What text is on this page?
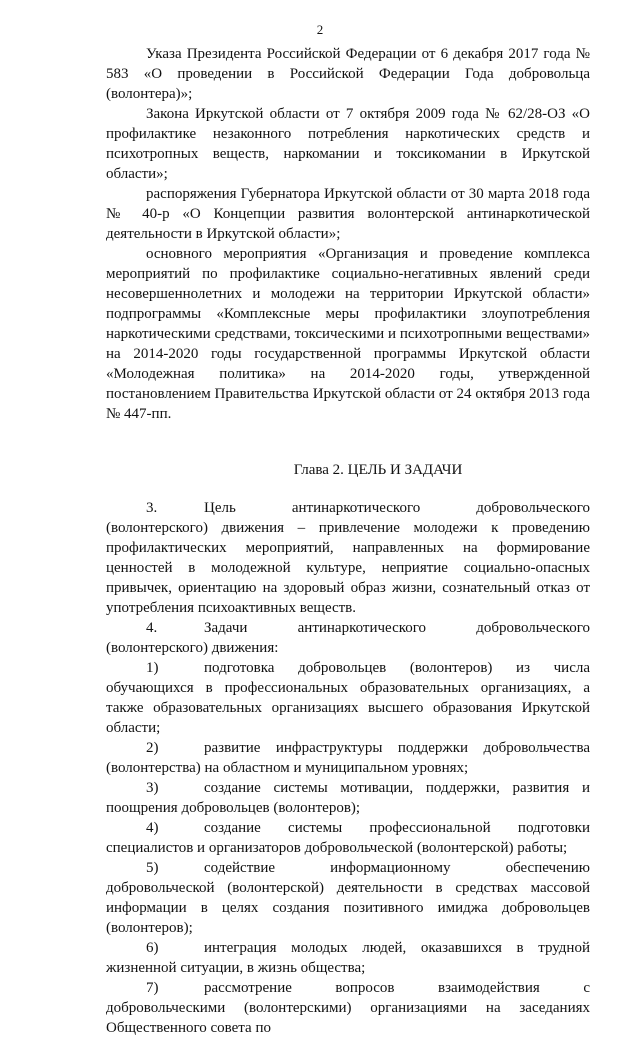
2

Указа Президента Российской Федерации от 6 декабря 2017 года № 583 «О проведении в Российской Федерации Года добровольца (волонтера)»;

Закона Иркутской области от 7 октября 2009 года № 62/28-ОЗ «О профилактике незаконного потребления наркотических средств и психотропных веществ, наркомании и токсикомании в Иркутской области»;

распоряжения Губернатора Иркутской области от 30 марта 2018 года № 40-р «О Концепции развития волонтерской антинаркотической деятельности в Иркутской области»;

основного мероприятия «Организация и проведение комплекса мероприятий по профилактике социально-негативных явлений среди несовершеннолетних и молодежи на территории Иркутской области» подпрограммы «Комплексные меры профилактики злоупотребления наркотическими средствами, токсическими и психотропными веществами» на 2014-2020 годы государственной программы Иркутской области «Молодежная политика» на 2014-2020 годы, утвержденной постановлением Правительства Иркутской области от 24 октября 2013 года № 447-пп.

Глава 2. ЦЕЛЬ И ЗАДАЧИ

3.	Цель антинаркотического добровольческого (волонтерского) движения – привлечение молодежи к проведению профилактических мероприятий, направленных на формирование ценностей в молодежной культуре, неприятие социально-опасных привычек, ориентацию на здоровый образ жизни, сознательный отказ от употребления психоактивных веществ.

4.	Задачи антинаркотического добровольческого (волонтерского) движения:

1)	подготовка добровольцев (волонтеров) из числа обучающихся в профессиональных образовательных организациях, а также образовательных организациях высшего образования Иркутской области;

2)	развитие инфраструктуры поддержки добровольчества (волонтерства) на областном и муниципальном уровнях;

3)	создание системы мотивации, поддержки, развития и поощрения добровольцев (волонтеров);

4)	создание системы профессиональной подготовки специалистов и организаторов добровольческой (волонтерской) работы;

5)	содействие информационному обеспечению добровольческой (волонтерской) деятельности в средствах массовой информации в целях создания позитивного имиджа добровольцев (волонтеров);

6)	интеграция молодых людей, оказавшихся в трудной жизненной ситуации, в жизнь общества;

7)	рассмотрение вопросов взаимодействия с добровольческими (волонтерскими) организациями на заседаниях Общественного совета по
